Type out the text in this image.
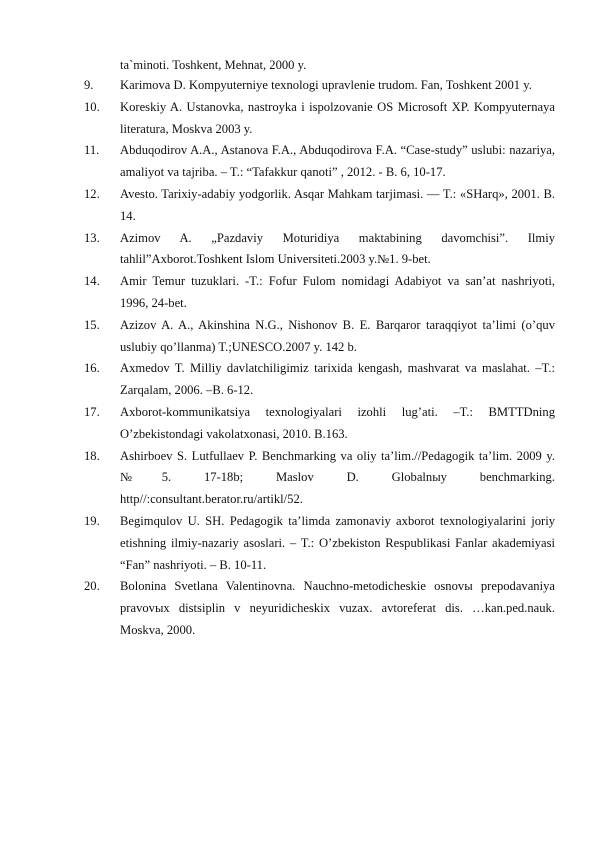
ta`minoti. Toshkent, Mehnat, 2000 y.
9. Karimova D. Kompyuterniye texnologi upravlenie trudom. Fan, Toshkent 2001 y.
10. Koreskiy A. Ustanovka, nastroyka i ispolzovanie OS Microsoft XP. Kompyuternaya literatura, Moskva 2003 y.
11. Abduqodirov A.A., Astanova F.A., Abduqodirova F.A. “Case-study” uslubi: nazariya, amaliyot va tajriba. – T.: “Tafakkur qanoti” , 2012. - B. 6, 10-17.
12. Avesto. Tarixiy-adabiy yodgorlik. Asqar Mahkam tarjimasi. — T.: «SHarq», 2001. B. 14.
13. Azimov A. „Pazdaviy Moturidiya maktabining davomchisi”. Ilmiy tahlil”Axborot.Toshkent Islom Universiteti.2003 y.№1. 9-bet.
14. Amir Temur tuzuklari. -T.: Fofur Fulom nomidagi Adabiyot va san’at nashriyoti, 1996, 24-bet.
15. Azizov A. A., Akinshina N.G., Nishonov B. E. Barqaror taraqqiyot ta’limi (o’quv uslubiy qo’llanma) T.;UNESCO.2007 y. 142 b.
16. Axmedov T. Milliy davlatchiligimiz tarixida kengash, mashvarat va maslahat. –T.: Zarqalam, 2006. –B. 6-12.
17. Axborot-kommunikatsiya texnologiyalari izohli lug’ati. –T.: BMTTDning O’zbekistondagi vakolatxonasi, 2010. B.163.
18. Ashirboev S. Lutfullaev P. Benchmarking va oliy ta’lim.//Pedagogik ta’lim. 2009 y. №5. 17-18b; Maslov D. Globalnыy benchmarking. http//:consultant.berator.ru/artikl/52.
19. Begimqulov U. SH. Pedagogik ta’limda zamonaviy axborot texnologiyalarini joriy etishning ilmiy-nazariy asoslari. – T.: O’zbekiston Respublikasi Fanlar akademiyasi “Fan” nashriyoti. – B. 10-11.
20. Bolonina Svetlana Valentinovna. Nauchno-metodicheskie osnovы prepodavaniya pravovыx distsiplin v neyuridicheskix vuzax. avtoreferat dis. …kan.ped.nauk. Moskva, 2000.
